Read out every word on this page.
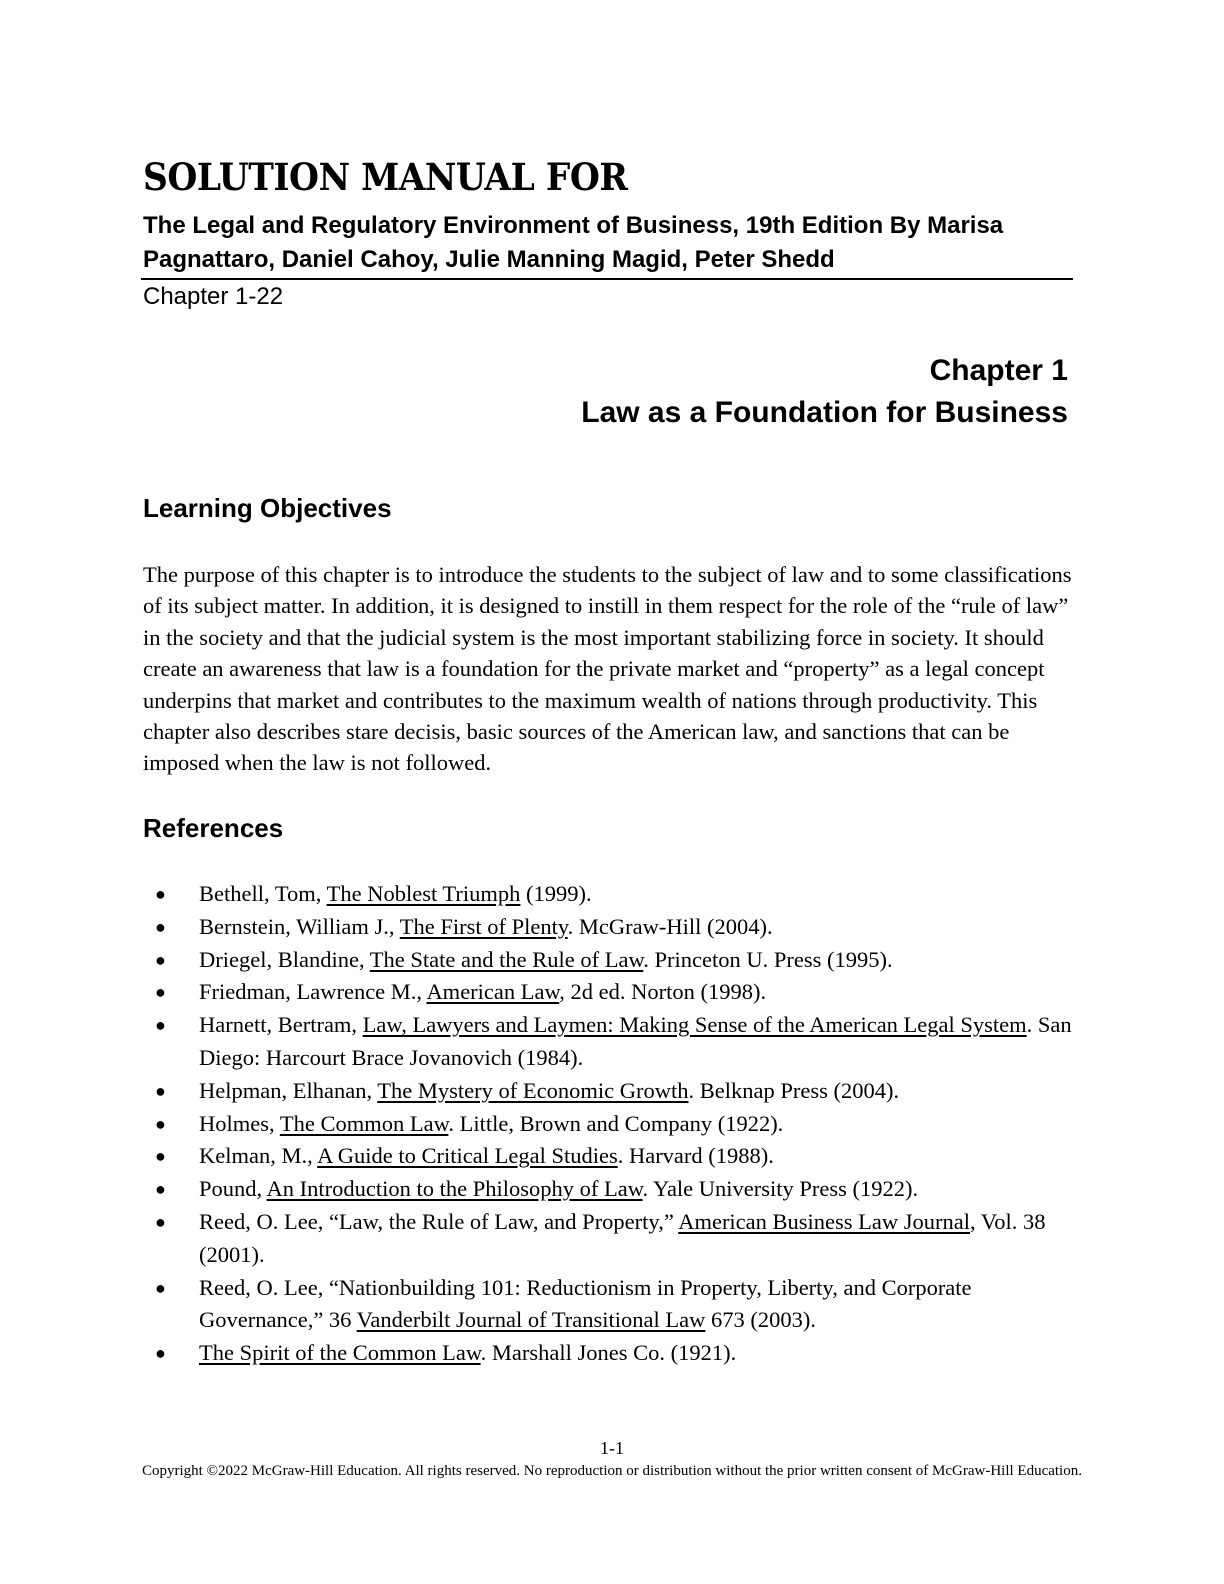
SOLUTION MANUAL FOR
The Legal and Regulatory Environment of Business, 19th Edition By Marisa Pagnattaro, Daniel Cahoy, Julie Manning Magid, Peter Shedd
Chapter 1-22
Chapter 1
Law as a Foundation for Business
Learning Objectives
The purpose of this chapter is to introduce the students to the subject of law and to some classifications of its subject matter. In addition, it is designed to instill in them respect for the role of the “rule of law” in the society and that the judicial system is the most important stabilizing force in society. It should create an awareness that law is a foundation for the private market and “property” as a legal concept underpins that market and contributes to the maximum wealth of nations through productivity. This chapter also describes stare decisis, basic sources of the American law, and sanctions that can be imposed when the law is not followed.
References
● Bethell, Tom, The Noblest Triumph (1999).
● Bernstein, William J., The First of Plenty. McGraw-Hill (2004).
● Driegel, Blandine, The State and the Rule of Law. Princeton U. Press (1995).
● Friedman, Lawrence M., American Law, 2d ed. Norton (1998).
● Harnett, Bertram, Law, Lawyers and Laymen: Making Sense of the American Legal System. San Diego: Harcourt Brace Jovanovich (1984).
● Helpman, Elhanan, The Mystery of Economic Growth. Belknap Press (2004).
● Holmes, The Common Law. Little, Brown and Company (1922).
● Kelman, M., A Guide to Critical Legal Studies. Harvard (1988).
● Pound, An Introduction to the Philosophy of Law. Yale University Press (1922).
● Reed, O. Lee, “Law, the Rule of Law, and Property,” American Business Law Journal, Vol. 38 (2001).
● Reed, O. Lee, “Nationbuilding 101: Reductionism in Property, Liberty, and Corporate Governance,” 36 Vanderbilt Journal of Transitional Law 673 (2003).
● The Spirit of the Common Law. Marshall Jones Co. (1921).
1-1
Copyright ©2022 McGraw-Hill Education. All rights reserved. No reproduction or distribution without the prior written consent of McGraw-Hill Education.
